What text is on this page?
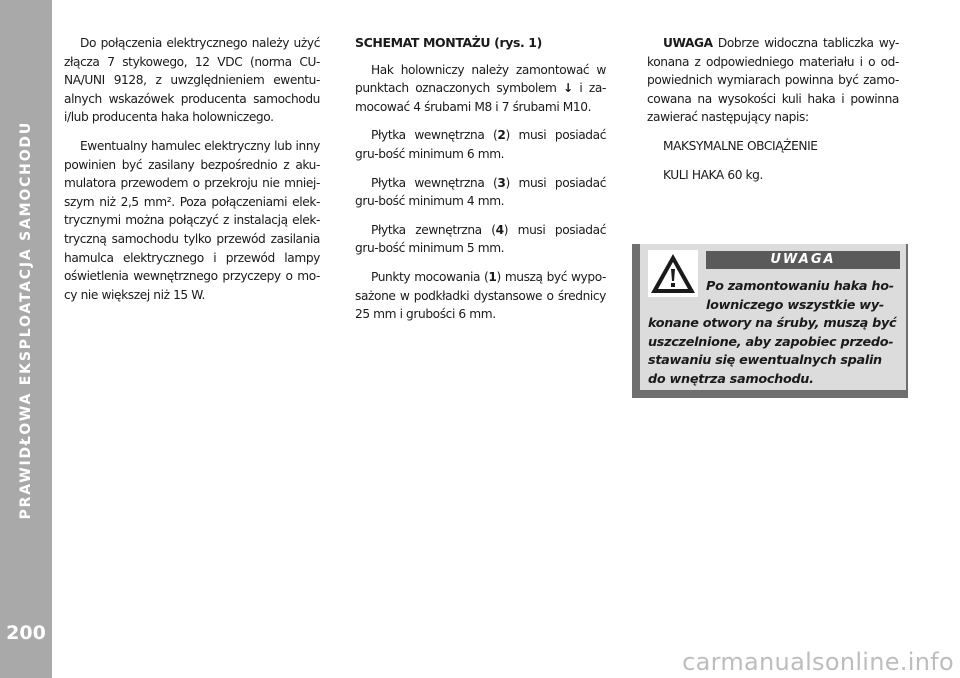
PRAWIDŁOWA EKSPLOATACJA SAMOCHODU
200

Do połączenia elektrycznego należy użyć złącza 7 stykowego, 12 VDC (norma CU-NA/UNI 9128, z uwzględnieniem ewentu-alnych wskazówek producenta samochodu i/lub producenta haka holowniczego.

Ewentualny hamulec elektryczny lub inny powinien być zasilany bezpośrednio z aku-mulatora przewodem o przekroju nie mniej-szym niż 2,5 mm². Poza połączeniami elek-trycznymi można połączyć z instalacją elek-tryczną samochodu tylko przewód zasilania hamulca elektrycznego i przewód lampy oświetlenia wewnętrznego przyczepy o mo-cy nie większej niż 15 W.

SCHEMAT MONTAŻU (rys. 1)

Hak holowniczy należy zamontować w punktach oznaczonych symbolem ↓ i za-mocować 4 śrubami M8 i 7 śrubami M10.

Płytka wewnętrzna (2) musi posiadać gru-bość minimum 6 mm.

Płytka wewnętrzna (3) musi posiadać gru-bość minimum 4 mm.

Płytka zewnętrzna (4) musi posiadać gru-bość minimum 5 mm.

Punkty mocowania (1) muszą być wypo-sażone w podkładki dystansowe o średnicy 25 mm i grubości 6 mm.

UWAGA Dobrze widoczna tabliczka wy-konana z odpowiedniego materiału i o od-powiednich wymiarach powinna być zamo-cowana na wysokości kuli haka i powinna zawierać następujący napis:

MAKSYMALNE OBCIĄŻENIE

KULI HAKA 60 kg.

UWAGA
Po zamontowaniu haka ho-lowniczego wszystkie wy-konane otwory na śruby, muszą być uszczelnione, aby zapobiec przedo-stawaniu się ewentualnych spalin do wnętrza samochodu.
carmanualsonline.info
